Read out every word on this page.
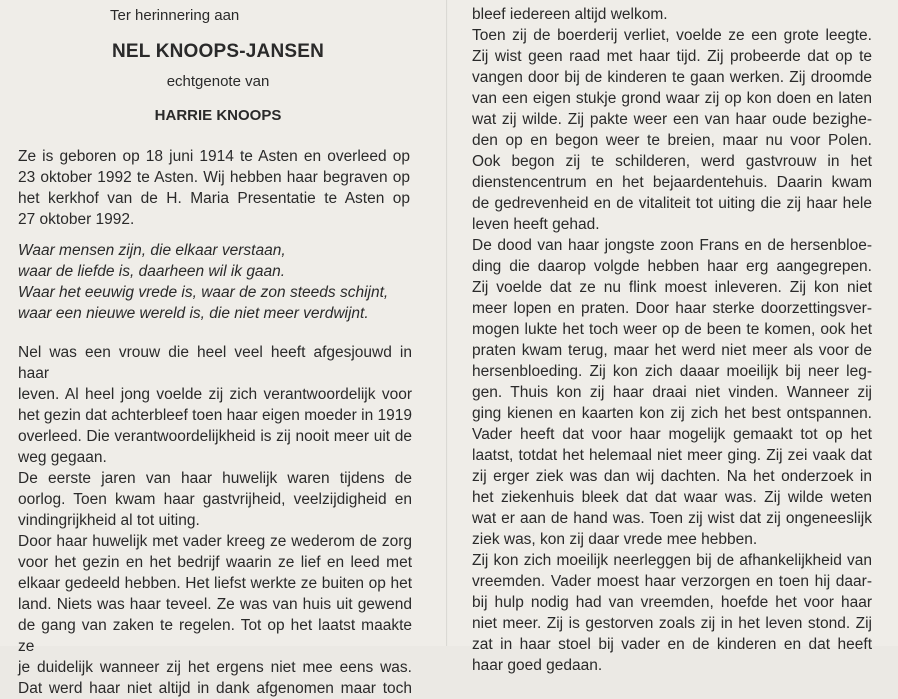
Ter herinnering aan
NEL KNOOPS-JANSEN
echtgenote van
HARRIE KNOOPS
Ze is geboren op 18 juni 1914 te Asten en overleed op
23 oktober 1992 te Asten. Wij hebben haar begraven op
het kerkhof van de H. Maria Presentatie te Asten op
27 oktober 1992.
Waar mensen zijn, die elkaar verstaan,
waar de liefde is, daarheen wil ik gaan.
Waar het eeuwig vrede is, waar de zon steeds schijnt,
waar een nieuwe wereld is, die niet meer verdwijnt.
Nel was een vrouw die heel veel heeft afgesjouwd in haar
leven. Al heel jong voelde zij zich verantwoordelijk voor
het gezin dat achterbleef toen haar eigen moeder in 1919
overleed. Die verantwoordelijkheid is zij nooit meer uit de
weg gegaan.
De eerste jaren van haar huwelijk waren tijdens de
oorlog. Toen kwam haar gastvrijheid, veelzijdigheid en
vindingrijkheid al tot uiting.
Door haar huwelijk met vader kreeg ze wederom de zorg
voor het gezin en het bedrijf waarin ze lief en leed met
elkaar gedeeld hebben. Het liefst werkte ze buiten op het
land. Niets was haar teveel. Ze was van huis uit gewend
de gang van zaken te regelen. Tot op het laatst maakte ze
je duidelijk wanneer zij het ergens niet mee eens was.
Dat werd haar niet altijd in dank afgenomen maar toch
bleef iedereen altijd welkom.
Toen zij de boerderij verliet, voelde ze een grote leegte.
Zij wist geen raad met haar tijd. Zij probeerde dat op te
vangen door bij de kinderen te gaan werken. Zij droomde
van een eigen stukje grond waar zij op kon doen en laten
wat zij wilde. Zij pakte weer een van haar oude bezighe-
den op en begon weer te breien, maar nu voor Polen.
Ook begon zij te schilderen, werd gastvrouw in het
dienstencentrum en het bejaardentehuis. Daarin kwam
de gedrevenheid en de vitaliteit tot uiting die zij haar hele
leven heeft gehad.
De dood van haar jongste zoon Frans en de hersenbloe-
ding die daarop volgde hebben haar erg aangegrepen.
Zij voelde dat ze nu flink moest inleveren. Zij kon niet
meer lopen en praten. Door haar sterke doorzettingsver-
mogen lukte het toch weer op de been te komen, ook het
praten kwam terug, maar het werd niet meer als voor de
hersenbloeding. Zij kon zich daaar moeilijk bij neer leg-
gen. Thuis kon zij haar draai niet vinden. Wanneer zij
ging kienen en kaarten kon zij zich het best ontspannen.
Vader heeft dat voor haar mogelijk gemaakt tot op het
laatst, totdat het helemaal niet meer ging. Zij zei vaak dat
zij erger ziek was dan wij dachten. Na het onderzoek in
het ziekenhuis bleek dat dat waar was. Zij wilde weten
wat er aan de hand was. Toen zij wist dat zij ongeneeslijk
ziek was, kon zij daar vrede mee hebben.
Zij kon zich moeilijk neerleggen bij de afhankelijkheid van
vreemden. Vader moest haar verzorgen en toen hij daar-
bij hulp nodig had van vreemden, hoefde het voor haar
niet meer. Zij is gestorven zoals zij in het leven stond. Zij
zat in haar stoel bij vader en de kinderen en dat heeft
haar goed gedaan.
